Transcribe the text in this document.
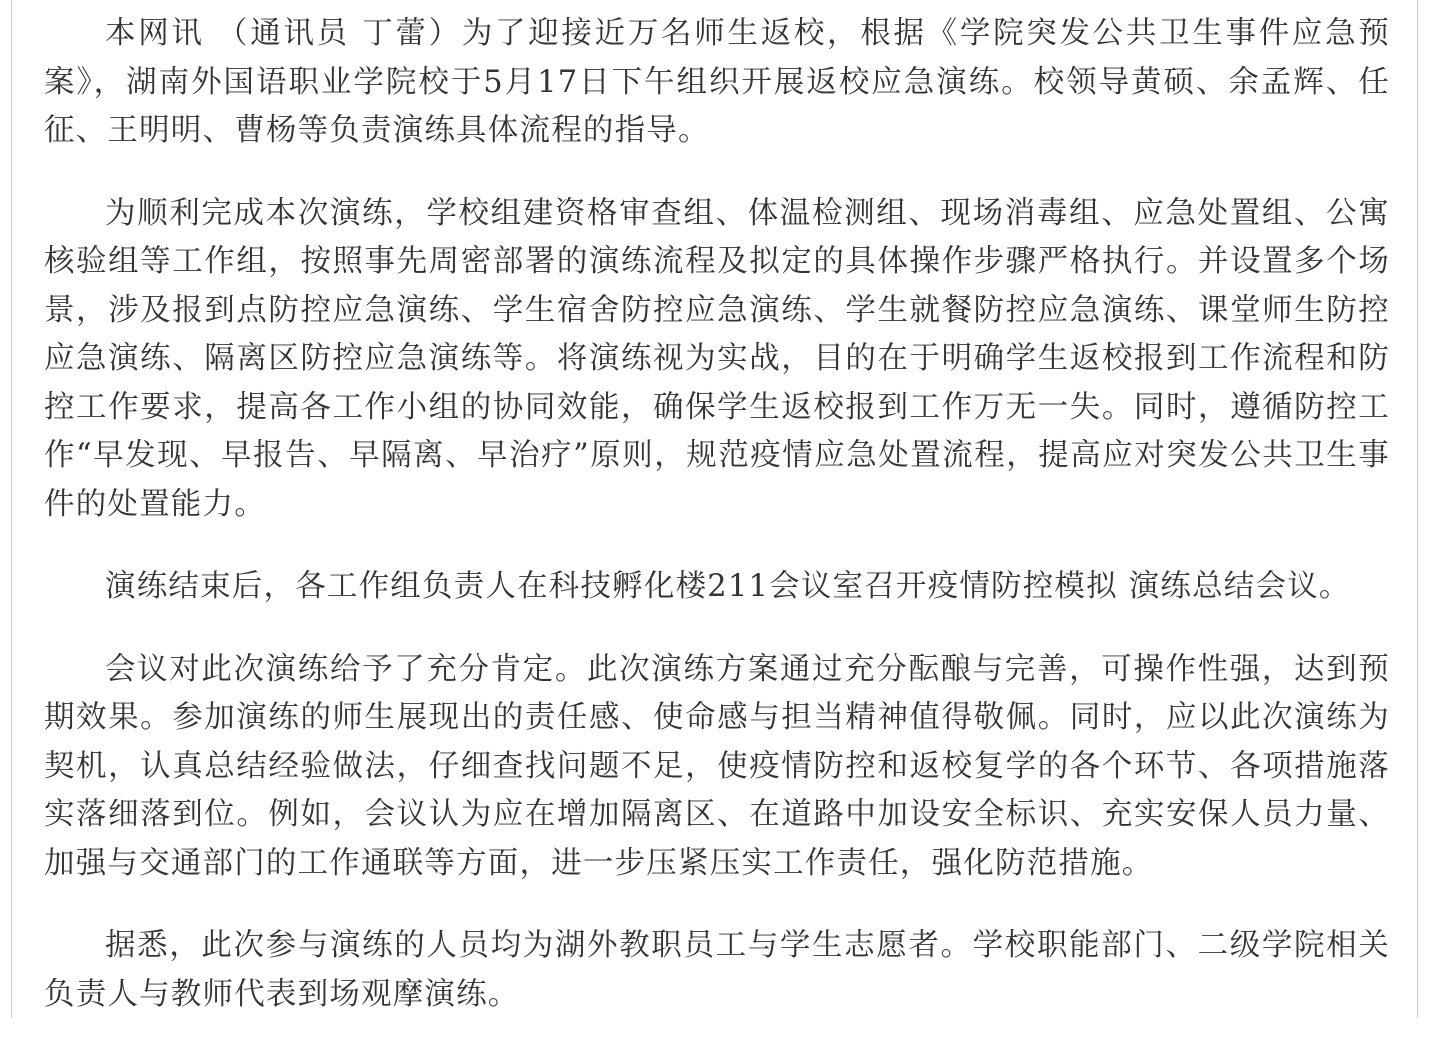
本网讯 （通讯员 丁蕾）为了迎接近万名师生返校，根据《学院突发公共卫生事件应急预案》，湖南外国语职业学院校于5月17日下午组织开展返校应急演练。校领导黄硕、余孟辉、任征、王明明、曹杨等负责演练具体流程的指导。

为顺利完成本次演练，学校组建资格审查组、体温检测组、现场消毒组、应急处置组、公寓核验组等工作组，按照事先周密部署的演练流程及拟定的具体操作步骤严格执行。并设置多个场景，涉及报到点防控应急演练、学生宿舍防控应急演练、学生就餐防控应急演练、课堂师生防控应急演练、隔离区防控应急演练等。将演练视为实战，目的在于明确学生返校报到工作流程和防控工作要求，提高各工作小组的协同效能，确保学生返校报到工作万无一失。同时，遵循防控工作“早发现、早报告、早隔离、早治疗”原则，规范疫情应急处置流程，提高应对突发公共卫生事件的处置能力。

演练结束后，各工作组负责人在科技孵化楼211会议室召开疫情防控模拟 演练总结会议。

会议对此次演练给予了充分肯定。此次演练方案通过充分酝酿与完善，可操作性强，达到预期效果。参加演练的师生展现出的责任感、使命感与担当精神值得敬佩。同时，应以此次演练为契机，认真总结经验做法，仔细查找问题不足，使疫情防控和返校复学的各个环节、各项措施落实落细落到位。例如，会议认为应在增加隔离区、在道路中加设安全标识、充实安保人员力量、加强与交通部门的工作通联等方面，进一步压紧压实工作责任，强化防范措施。

据悉，此次参与演练的人员均为湖外教职员工与学生志愿者。学校职能部门、二级学院相关负责人与教师代表到场观摩演练。
